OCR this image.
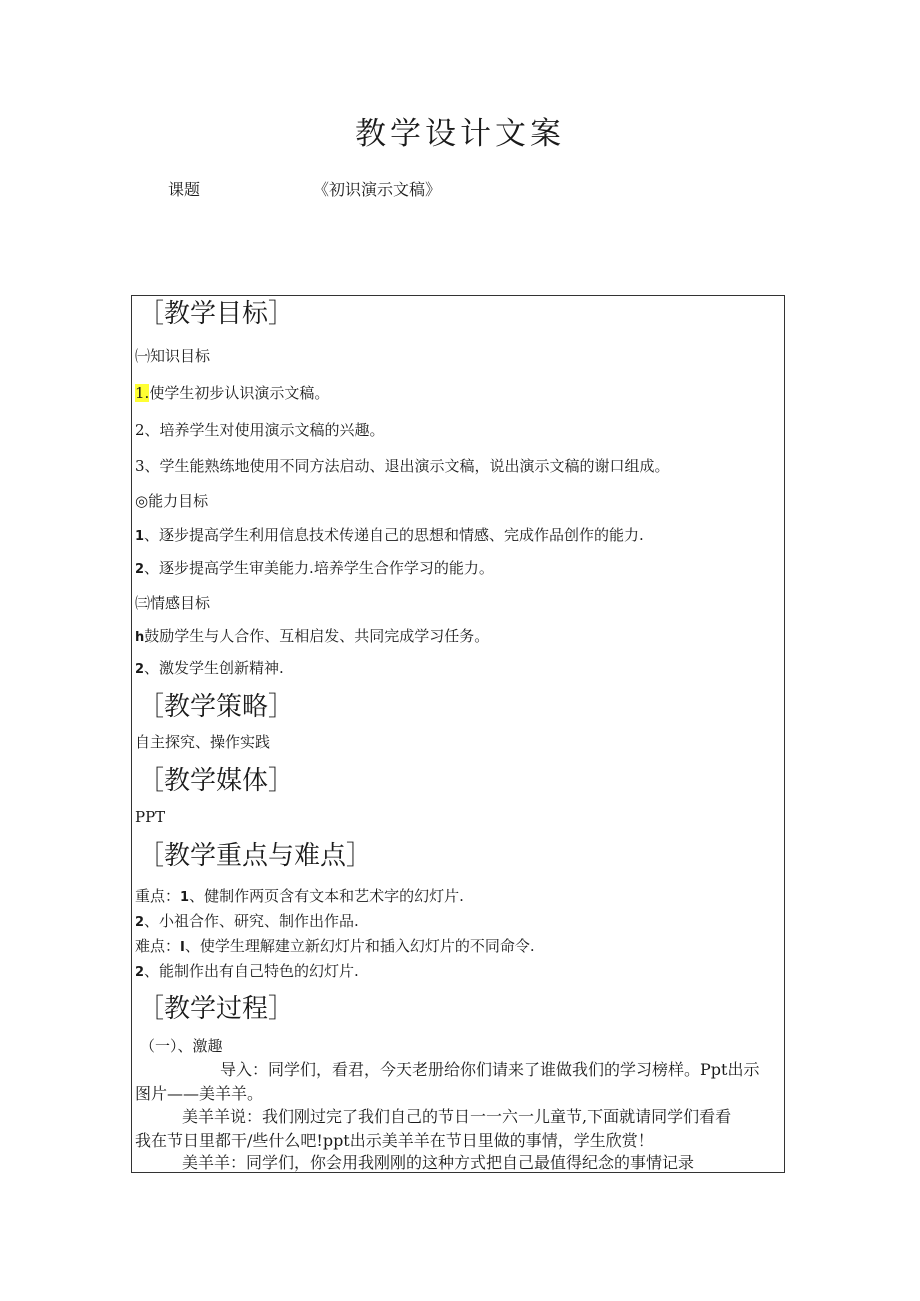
教学设计文案
课题	《初识演示文稿》
［教学目标］
㈠知识目标
1.使学生初步认识演示文稿。
2、培养学生对使用演示文稿的兴趣。
3、学生能熟练地使用不同方法启动、退出演示文稿，说出演示文稿的谢口组成。
◎能力目标
1、逐步提高学生利用信息技术传递自己的思想和情感、完成作品创作的能力.
2、逐步提高学生审美能力.培养学生合作学习的能力。
㈢情感目标
h鼓励学生与人合作、互相启发、共同完成学习任务。
2、激发学生创新精神.
［教学策略］
自主探究、操作实践
［教学媒体］
PPT
［教学重点与难点］
重点：1、健制作两页含有文本和艺术字的幻灯片.
2、小祖合作、研究、制作出作品.
难点：I、使学生理解建立新幻灯片和插入幻灯片的不同命令.
2、能制作出有自己特色的幻灯片.
［教学过程］
（一）、激趣
导入：同学们，看君，今天老册给你们请来了谁做我们的学习榜样。Ppt出示
图片——美羊羊。
美羊羊说：我们刚过完了我们自己的节日一一六一儿童节,下面就请同学们看看
我在节日里都干/些什么吧!ppt出示美羊羊在节日里做的事情，学生欣赏！
美羊羊：同学们，你会用我刚刚的这种方式把自己最值得纪念的事情记录
